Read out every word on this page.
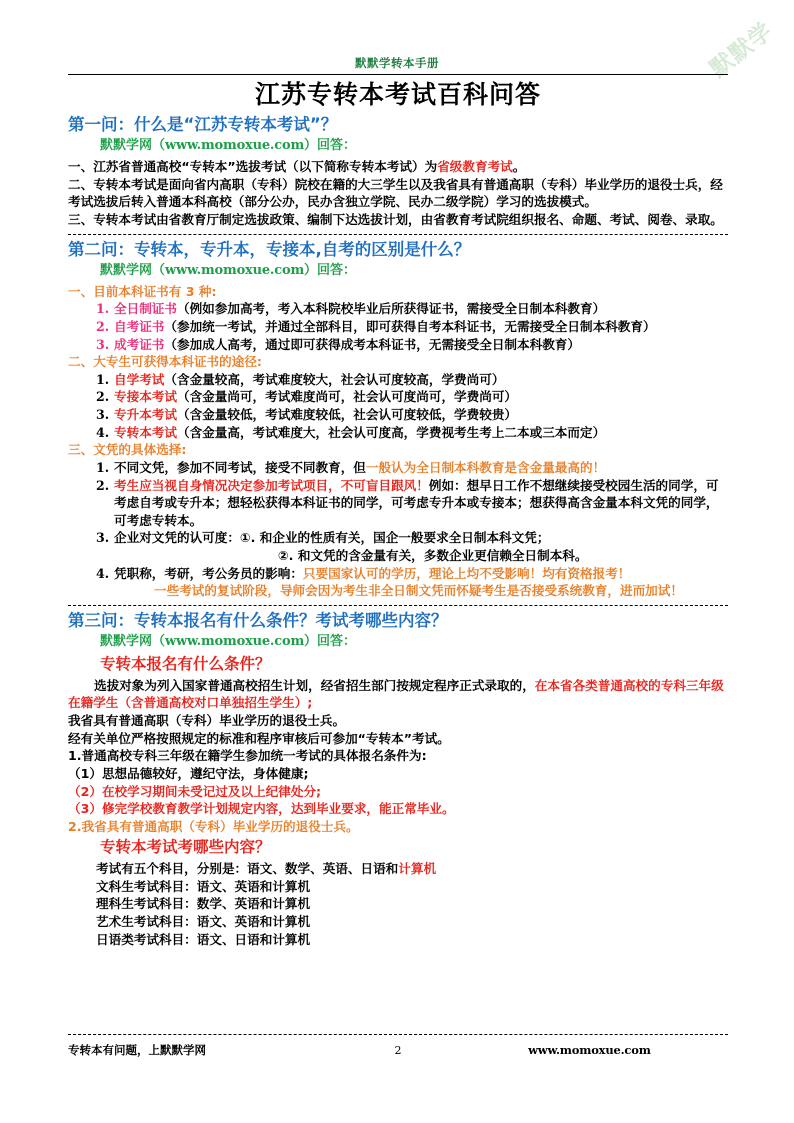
默默学
默默学转本手册
江苏专转本考试百科问答
第一问：什么是“江苏专转本考试”？
默默学网（www.momoxue.com）回答：
一、江苏省普通高校“专转本”选拔考试（以下简称专转本考试）为省级教育考试。
二、专转本考试是面向省内高职（专科）院校在籍的大三学生以及我省具有普通高职（专科）毕业学历的退役士兵，经考试选拔后转入普通本科高校（部分公办，民办含独立学院、民办二级学院）学习的选拔模式。
三、专转本考试由省教育厅制定选拔政策、编制下达选拔计划，由省教育考试院组织报名、命题、考试、阅卷、录取。
第二问：专转本，专升本，专接本,自考的区别是什么？
默默学网（www.momoxue.com）回答：
一、目前本科证书有 3 种:
1. 全日制证书（例如参加高考，考入本科院校毕业后所获得证书，需接受全日制本科教育）
2. 自考证书（参加统一考试，并通过全部科目，即可获得自考本科证书，无需接受全日制本科教育）
3. 成考证书（参加成人高考，通过即可获得成考本科证书，无需接受全日制本科教育）
二、大专生可获得本科证书的途径:
1. 自学考试（含金量较高，考试难度较大，社会认可度较高，学费尚可）
2. 专接本考试（含金量尚可，考试难度尚可，社会认可度尚可，学费尚可）
3. 专升本考试（含金量较低，考试难度较低，社会认可度较低，学费较贵）
4. 专转本考试（含金量高，考试难度大，社会认可度高，学费视考生考上二本或三本而定）
三、文凭的具体选择:
1. 不同文凭，参加不同考试，接受不同教育，但一般认为全日制本科教育是含金量最高的！
2. 考生应当视自身情况决定参加考试项目，不可盲目跟风！例如：想早日工作不想继续接受校园生活的同学，可考虑自考或专升本；想轻松获得本科证书的同学，可考虑专升本或专接本；想获得高含金量本科文凭的同学，可考虑专转本。
3. 企业对文凭的认可度：①. 和企业的性质有关，国企一般要求全日制本科文凭；
②. 和文凭的含金量有关，多数企业更信赖全日制本科。
4. 凭职称，考研，考公务员的影响：只要国家认可的学历，理论上均不受影响！均有资格报考！
一些考试的复试阶段，导师会因为考生非全日制文凭而怀疑考生是否接受系统教育，进而加试！
第三问：专转本报名有什么条件？考试考哪些内容？
默默学网（www.momoxue.com）回答：
专转本报名有什么条件？
选拔对象为列入国家普通高校招生计划，经省招生部门按规定程序正式录取的，在本省各类普通高校的专科三年级在籍学生（含普通高校对口单独招生学生）;
我省具有普通高职（专科）毕业学历的退役士兵。
经有关单位严格按照规定的标准和程序审核后可参加“专转本”考试。
1.普通高校专科三年级在籍学生参加统一考试的具体报名条件为:
（1）思想品德较好，遵纪守法，身体健康;
（2）在校学习期间未受记过及以上纪律处分;
（3）修完学校教育教学计划规定内容，达到毕业要求，能正常毕业。
2.我省具有普通高职（专科）毕业学历的退役士兵。
专转本考试考哪些内容？
考试有五个科目，分别是：语文、数学、英语、日语和计算机
文科生考试科目：语文、英语和计算机
理科生考试科目：数学、英语和计算机
艺术生考试科目：语文、英语和计算机
日语类考试科目：语文、日语和计算机
专转本有问题，上默默学网	2	www.momoxue.com
